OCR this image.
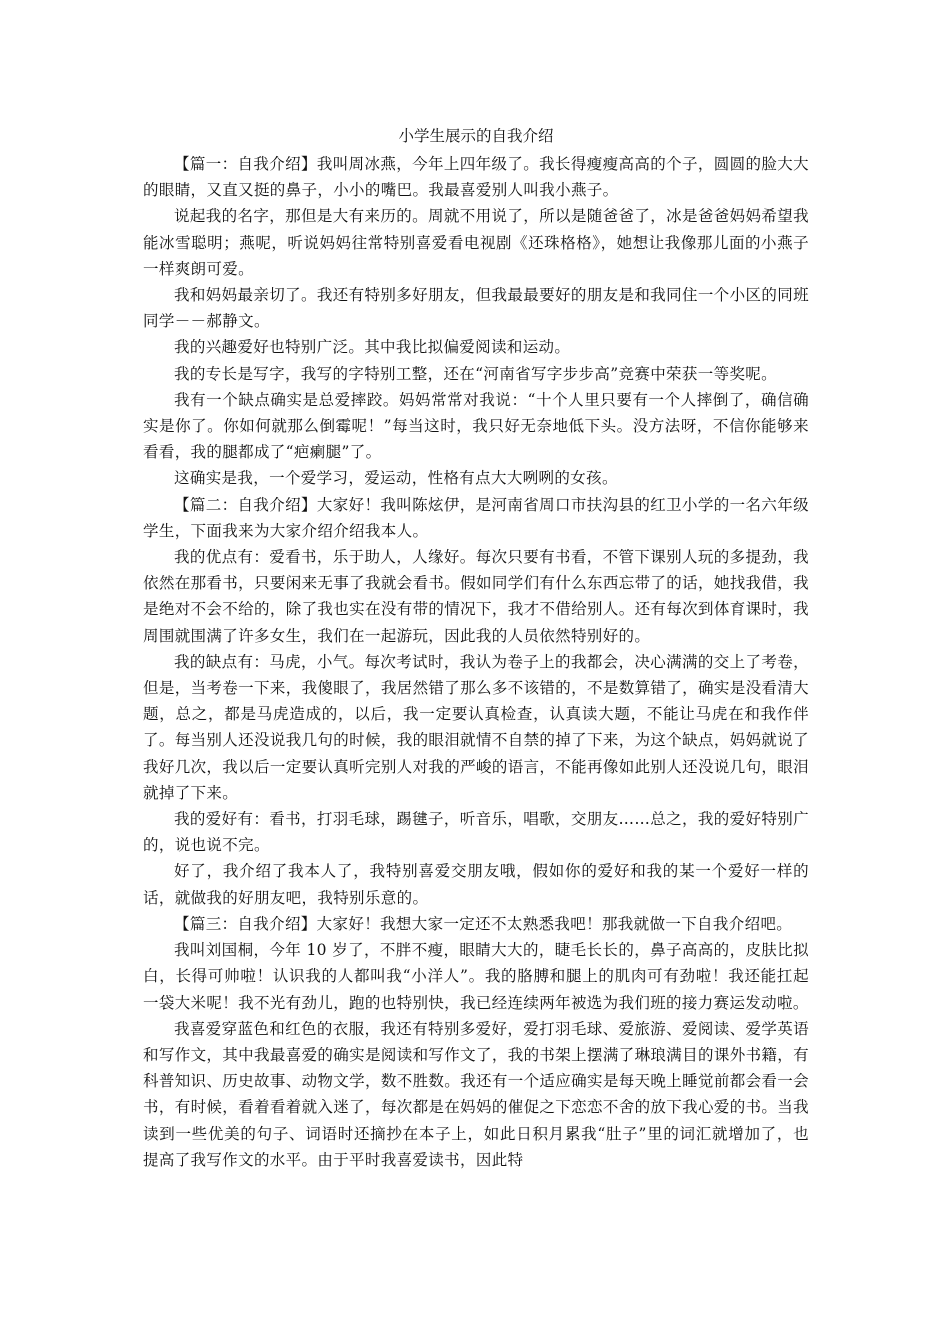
小学生展示的自我介绍

【篇一：自我介绍】我叫周冰燕，今年上四年级了。我长得瘦瘦高高的个子，圆圆的脸大大的眼睛，又直又挺的鼻子，小小的嘴巴。我最喜爱别人叫我小燕子。

说起我的名字，那但是大有来历的。周就不用说了，所以是随爸爸了，冰是爸爸妈妈希望我能冰雪聪明；燕呢，听说妈妈往常特别喜爱看电视剧《还珠格格》，她想让我像那儿面的小燕子一样爽朗可爱。

我和妈妈最亲切了。我还有特别多好朋友，但我最最要好的朋友是和我同住一个小区的同班同学－－郝静文。

我的兴趣爱好也特别广泛。其中我比拟偏爱阅读和运动。

我的专长是写字，我写的字特别工整，还在“河南省写字步步高”竞赛中荣获一等奖呢。

我有一个缺点确实是总爱摔跤。妈妈常常对我说：“十个人里只要有一个人摔倒了，确信确实是你了。你如何就那么倒霉呢！”每当这时，我只好无奈地低下头。没方法呀，不信你能够来看看，我的腿都成了“疤瘌腿”了。

这确实是我，一个爱学习，爱运动，性格有点大大咧咧的女孩。

【篇二：自我介绍】大家好！我叫陈炫伊，是河南省周口市扶沟县的红卫小学的一名六年级学生，下面我来为大家介绍介绍我本人。

我的优点有：爱看书，乐于助人，人缘好。每次只要有书看，不管下课别人玩的多提劲，我依然在那看书，只要闲来无事了我就会看书。假如同学们有什么东西忘带了的话，她找我借，我是绝对不会不给的，除了我也实在没有带的情况下，我才不借给别人。还有每次到体育课时，我周围就围满了许多女生，我们在一起游玩，因此我的人员依然特别好的。

我的缺点有：马虎，小气。每次考试时，我认为卷子上的我都会，决心满满的交上了考卷，但是，当考卷一下来，我傻眼了，我居然错了那么多不该错的，不是数算错了，确实是没看清大题，总之，都是马虎造成的，以后，我一定要认真检查，认真读大题，不能让马虎在和我作伴了。每当别人还没说我几句的时候，我的眼泪就情不自禁的掉了下来，为这个缺点，妈妈就说了我好几次，我以后一定要认真听完别人对我的严峻的语言，不能再像如此别人还没说几句，眼泪就掉了下来。

我的爱好有：看书，打羽毛球，踢毽子，听音乐，唱歌，交朋友……总之，我的爱好特别广的，说也说不完。

好了，我介绍了我本人了，我特别喜爱交朋友哦，假如你的爱好和我的某一个爱好一样的话，就做我的好朋友吧，我特别乐意的。

【篇三：自我介绍】大家好！我想大家一定还不太熟悉我吧！那我就做一下自我介绍吧。

我叫刘国桐，今年 10 岁了，不胖不瘦，眼睛大大的，睫毛长长的，鼻子高高的，皮肤比拟白，长得可帅啦！认识我的人都叫我“小洋人”。我的胳膊和腿上的肌肉可有劲啦！我还能扛起一袋大米呢！我不光有劲儿，跑的也特别快，我已经连续两年被选为我们班的接力赛运发动啦。

我喜爱穿蓝色和红色的衣服，我还有特别多爱好，爱打羽毛球、爱旅游、爱阅读、爱学英语和写作文，其中我最喜爱的确实是阅读和写作文了，我的书架上摆满了琳琅满目的课外书籍，有科普知识、历史故事、动物文学，数不胜数。我还有一个适应确实是每天晚上睡觉前都会看一会书，有时候，看着看着就入迷了，每次都是在妈妈的催促之下恋恋不舍的放下我心爱的书。当我读到一些优美的句子、词语时还摘抄在本子上，如此日积月累我“肚子”里的词汇就增加了，也提高了我写作文的水平。由于平时我喜爱读书，因此特
